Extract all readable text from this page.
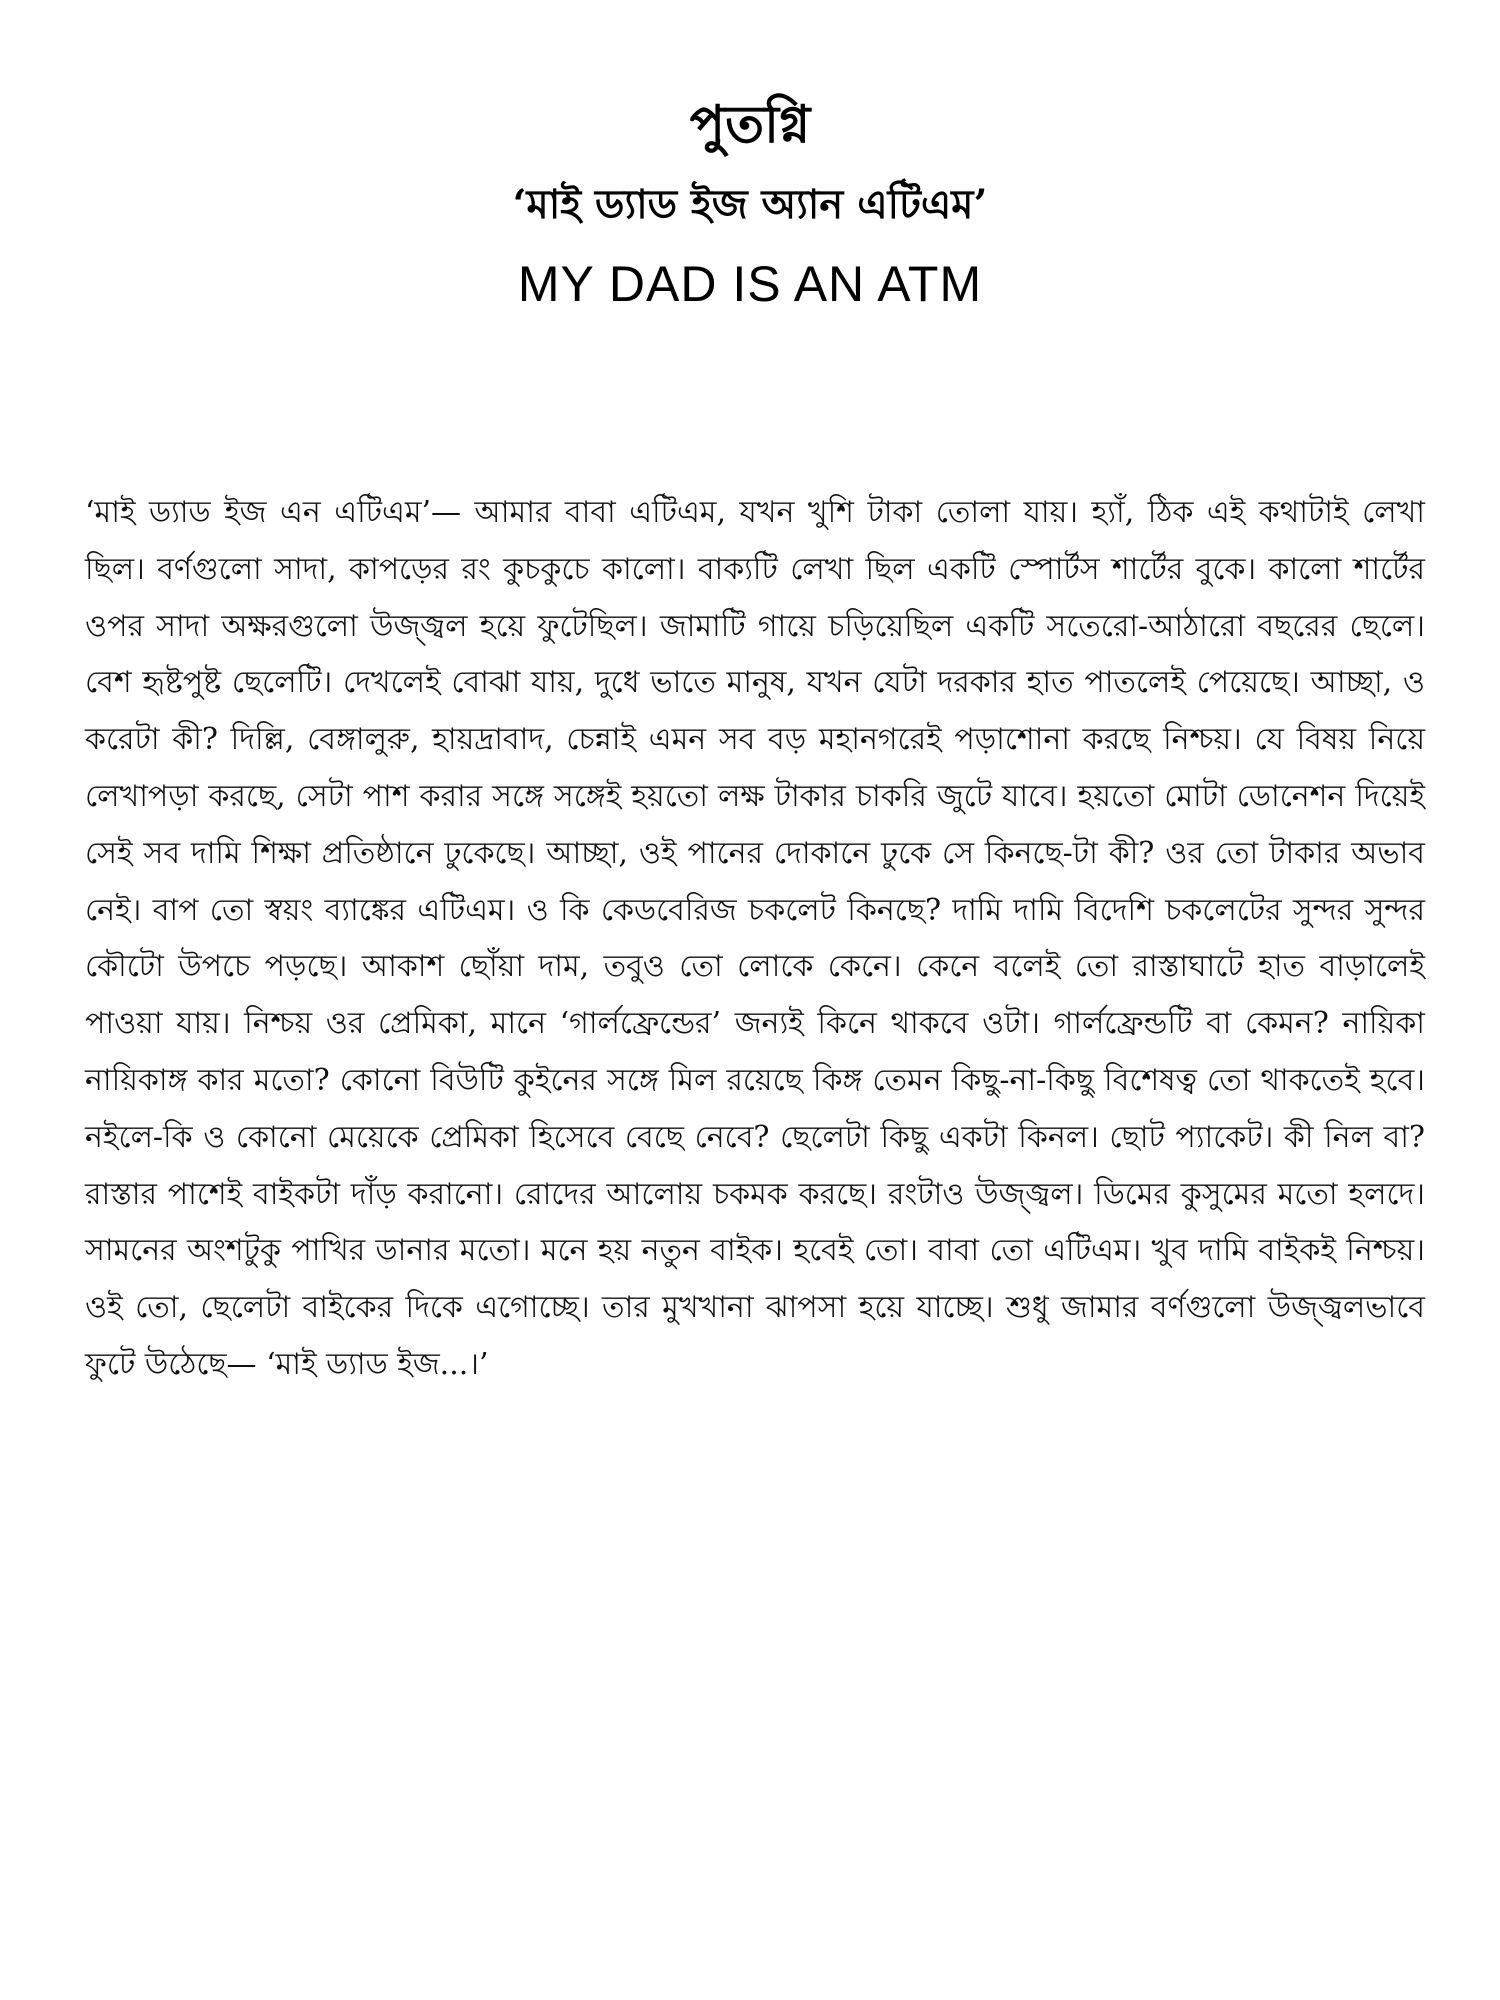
পুতগ্নি
‘মাই ড্যাড ইজ অ্যান এটিএম’
MY DAD IS AN ATM

‘মাই ড্যাড ইজ এন এটিএম’— আমার বাবা এটিএম, যখন খুশি টাকা তোলা যায়। হ্যাঁ, ঠিক এই কথাটাই লেখা ছিল। বর্ণগুলো সাদা, কাপড়ের রং কুচকুচে কালো। বাক্যটি লেখা ছিল একটি স্পোর্টস শার্টের বুকে। কালো শার্টের ওপর সাদা অক্ষরগুলো উজ্জ্বল হয়ে ফুটেছিল। জামাটি গায়ে চড়িয়েছিল একটি সতেরো-আঠারো বছরের ছেলে। বেশ হৃষ্টপুষ্ট ছেলেটি। দেখলেই বোঝা যায়, দুধে ভাতে মানুষ, যখন যেটা দরকার হাত পাতলেই পেয়েছে। আচ্ছা, ও করেটা কী? দিল্লি, বেঙ্গালুরু, হায়দ্রাবাদ, চেন্নাই এমন সব বড় মহানগরেই পড়াশোনা করছে নিশ্চয়। যে বিষয় নিয়ে লেখাপড়া করছে, সেটা পাশ করার সঙ্গে সঙ্গেই হয়তো লক্ষ টাকার চাকরি জুটে যাবে। হয়তো মোটা ডোনেশন দিয়েই সেই সব দামি শিক্ষা প্রতিষ্ঠানে ঢুকেছে। আচ্ছা, ওই পানের দোকানে ঢুকে সে কিনছে-টা কী? ওর তো টাকার অভাব নেই। বাপ তো স্বয়ং ব্যাঙ্কের এটিএম। ও কি কেডবেরিজ চকলেট কিনছে? দামি দামি বিদেশি চকলেটের সুন্দর সুন্দর কৌটো উপচে পড়ছে। আকাশ ছোঁয়া দাম, তবুও তো লোকে কেনে। কেনে বলেই তো রাস্তাঘাটে হাত বাড়ালেই পাওয়া যায়। নিশ্চয় ওর প্রেমিকা, মানে ‘গার্লফ্রেন্ডের’ জন্যই কিনে থাকবে ওটা। গার্লফ্রেন্ডটি বা কেমন? নায়িকা নায়িকাঙ্গ কার মতো? কোনো বিউটি কুইনের সঙ্গে মিল রয়েছে কিঙ্গ তেমন কিছু-না-কিছু বিশেষত্ব তো থাকতেই হবে। নইলে-কি ও কোনো মেয়েকে প্রেমিকা হিসেবে বেছে নেবে? ছেলেটা কিছু একটা কিনল। ছোট প্যাকেট। কী নিল বা? রাস্তার পাশেই বাইকটা দাঁড় করানো। রোদের আলোয় চকমক করছে। রংটাও উজ্জ্বল। ডিমের কুসুমের মতো হলদে। সামনের অংশটুকু পাখির ডানার মতো। মনে হয় নতুন বাইক। হবেই তো। বাবা তো এটিএম। খুব দামি বাইকই নিশ্চয়। ওই তো, ছেলেটা বাইকের দিকে এগোচ্ছে। তার মুখখানা ঝাপসা হয়ে যাচ্ছে। শুধু জামার বর্ণগুলো উজ্জ্বলভাবে ফুটে উঠেছে— ‘মাই ড্যাড ইজ...।’
